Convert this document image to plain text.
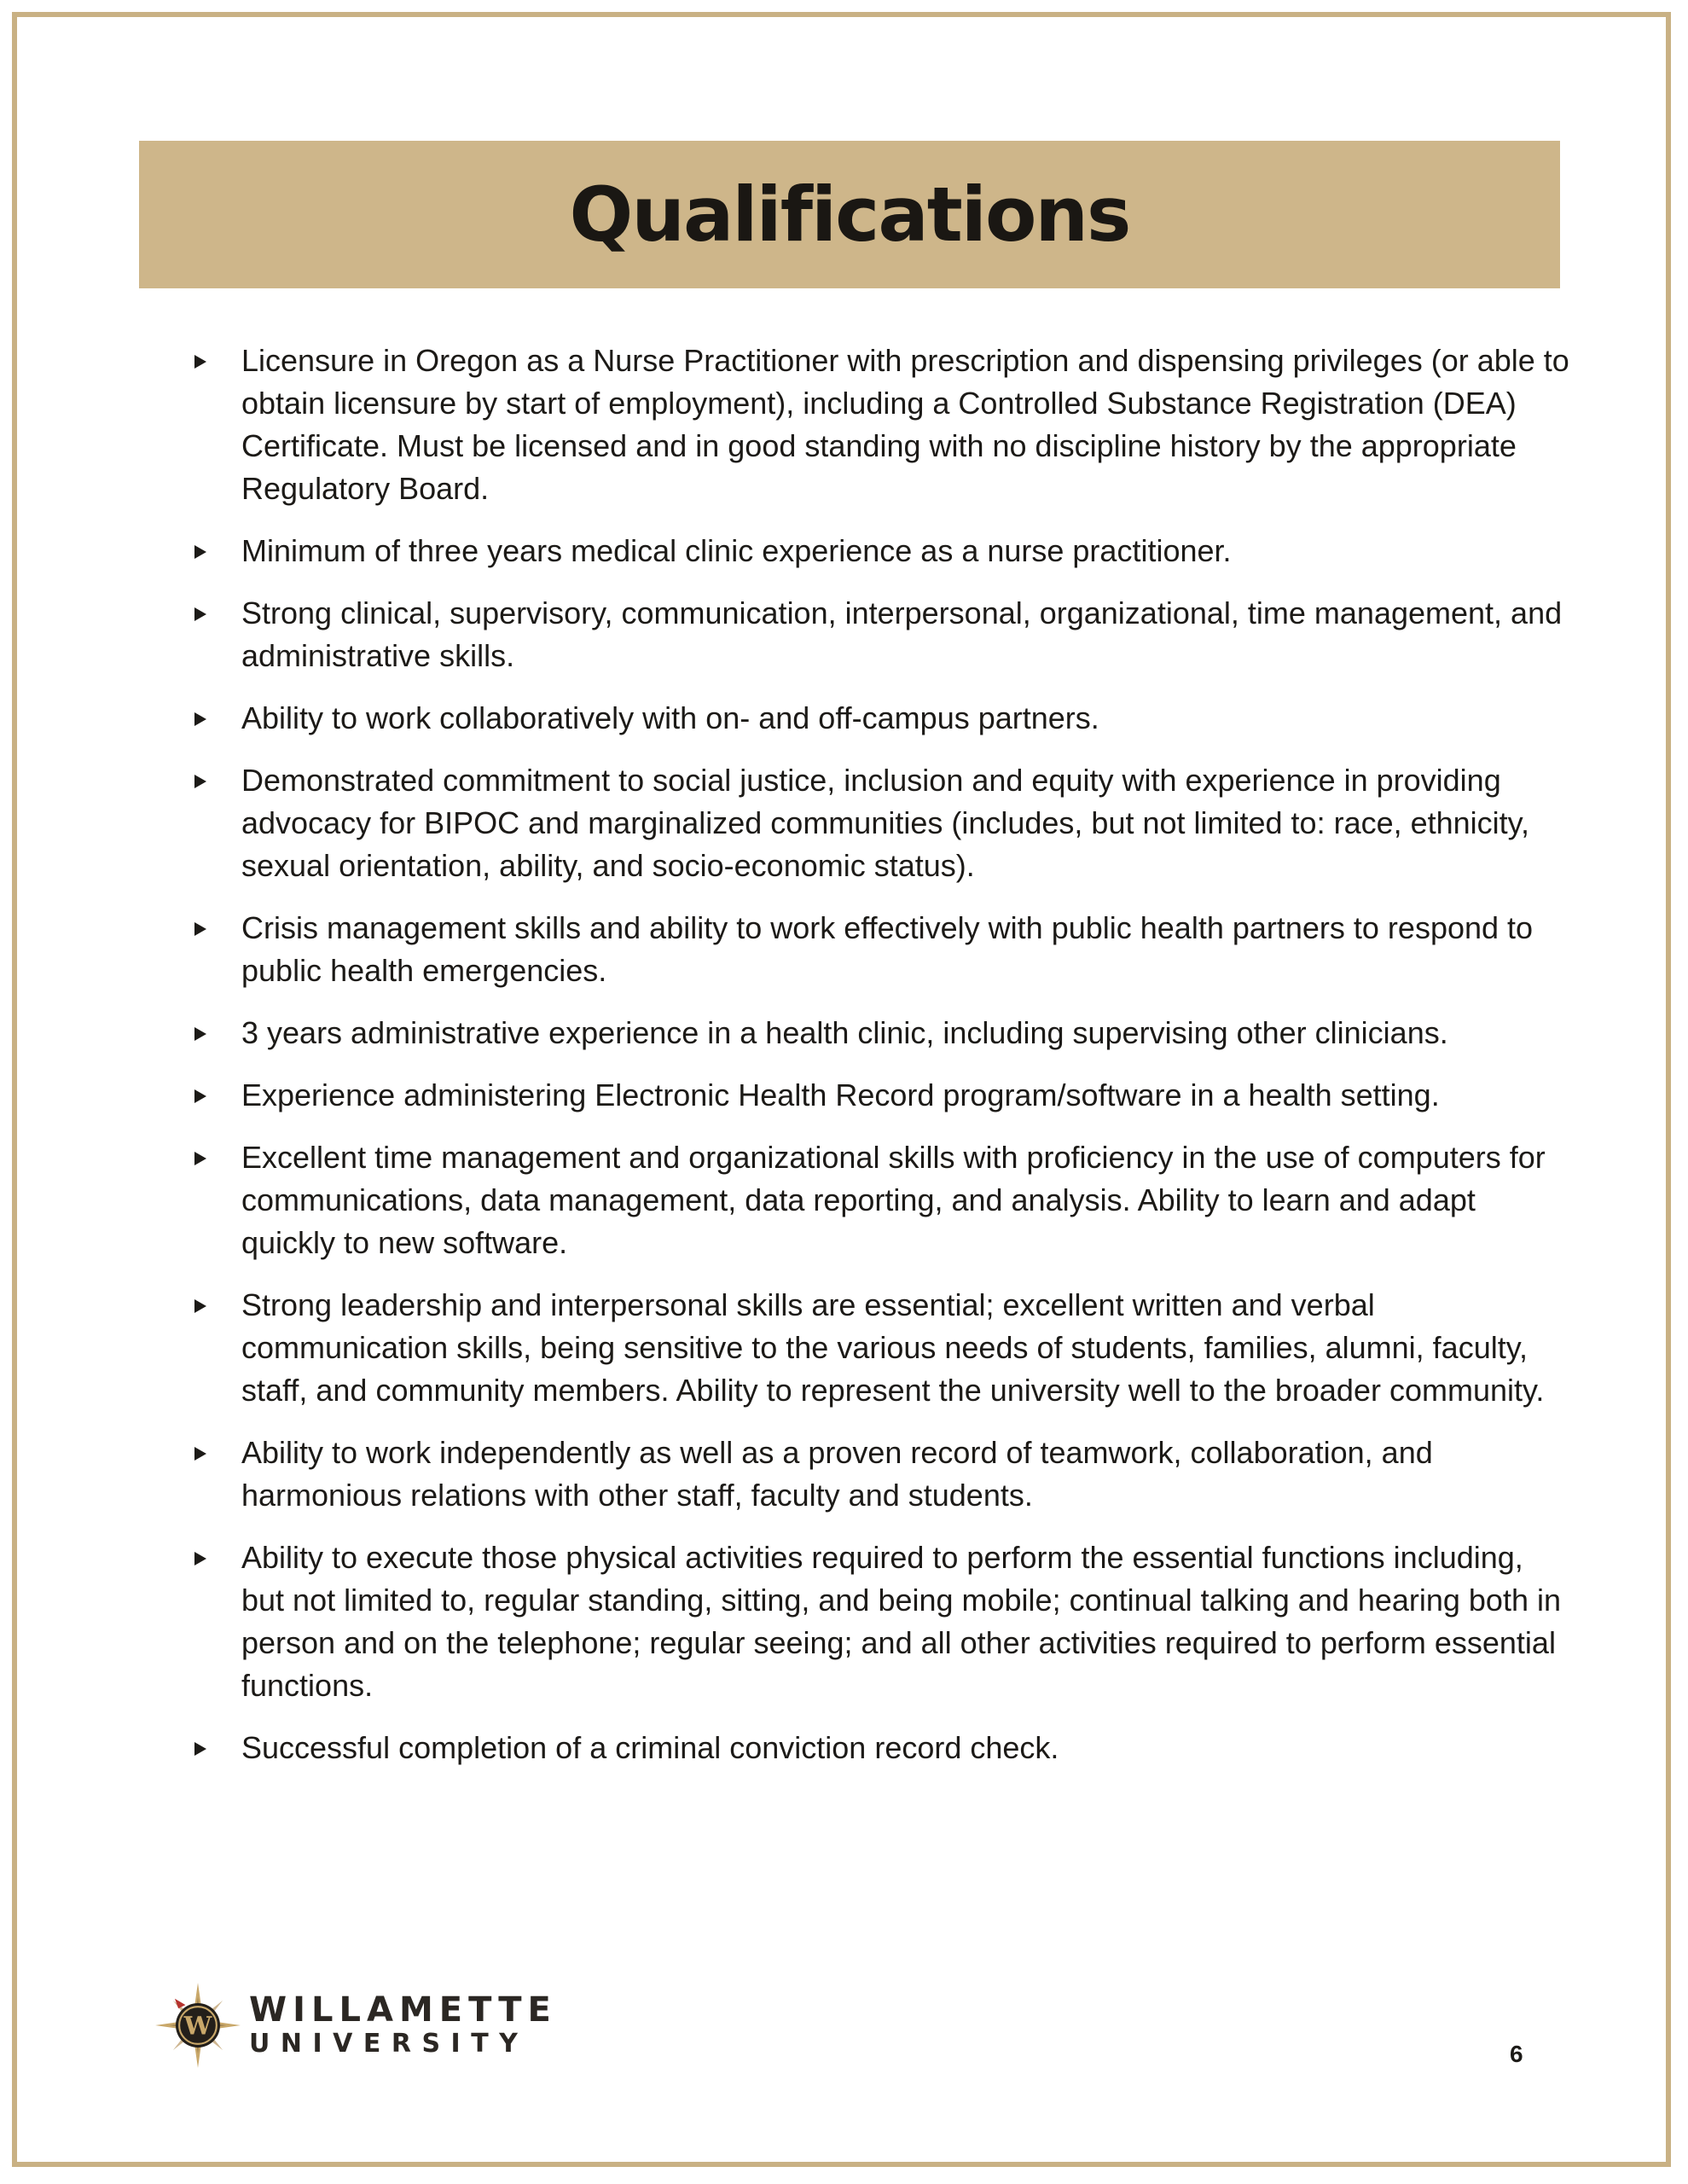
Qualifications
Licensure in Oregon as a Nurse Practitioner with prescription and dispensing privileges (or able to obtain licensure by start of employment), including a Controlled Substance Registration (DEA) Certificate. Must be licensed and in good standing with no discipline history by the appropriate Regulatory Board.
Minimum of three years medical clinic experience as a nurse practitioner.
Strong clinical, supervisory, communication, interpersonal, organizational, time management, and administrative skills.
Ability to work collaboratively with on- and off-campus partners.
Demonstrated commitment to social justice, inclusion and equity with experience in providing advocacy for BIPOC and marginalized communities (includes, but not limited to: race, ethnicity, sexual orientation, ability, and socio-economic status).
Crisis management skills and ability to work effectively with public health partners to respond to public health emergencies.
3 years administrative experience in a health clinic, including supervising other clinicians.
Experience administering Electronic Health Record program/software in a health setting.
Excellent time management and organizational skills with proficiency in the use of computers for communications, data management, data reporting, and analysis. Ability to learn and adapt quickly to new software.
Strong leadership and interpersonal skills are essential; excellent written and verbal communication skills, being sensitive to the various needs of students, families, alumni, faculty, staff, and community members. Ability to represent the university well to the broader community.
Ability to work independently as well as a proven record of teamwork, collaboration, and harmonious relations with other staff, faculty and students.
Ability to execute those physical activities required to perform the essential functions including, but not limited to, regular standing, sitting, and being mobile; continual talking and hearing both in person and on the telephone; regular seeing; and all other activities required to perform essential functions.
Successful completion of a criminal conviction record check.
W WILLAMETTE
UNIVERSITY	6
